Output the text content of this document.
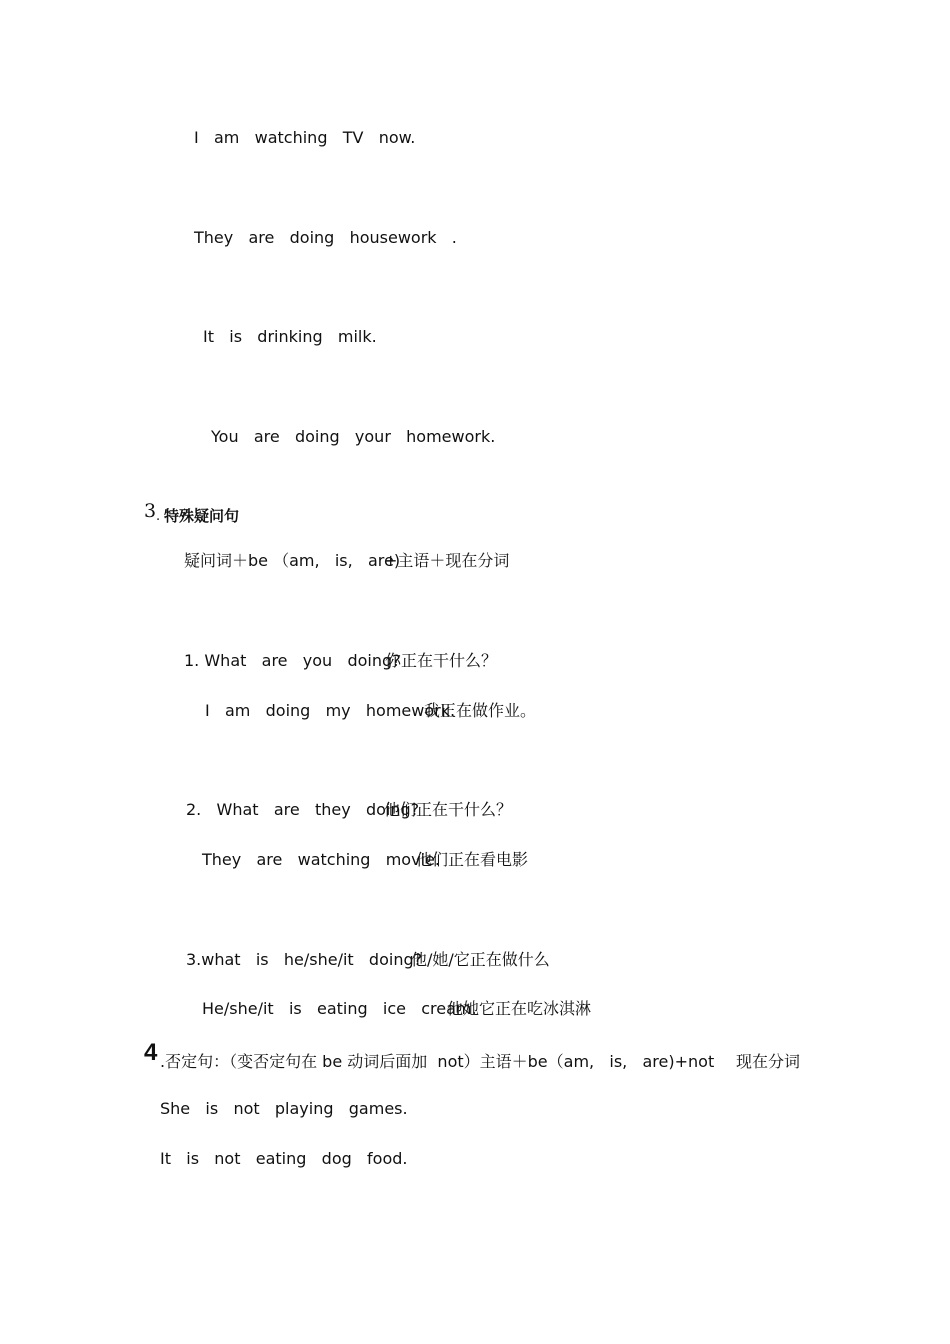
I   am   watching   TV   now.
They   are   doing   housework   .
It   is   drinking   milk.
You   are   doing   your   homework.
3 . 特殊疑问句
疑问词＋be （am,   is,   are)
+主语＋现在分词
1. What   are   you   doing?
你正在干什么？
I   am   doing   my   homework.
我正在做作业。
2.   What   are   they   doing?
他们正在干什么？
They   are   watching   movie.
他们正在看电影
3.what   is   he/she/it   doing?
他/她/它正在做什么
He/she/it   is   eating   ice   cream.
他她它正在吃冰淇淋
4 .否定句：（变否定句在 be 动词后面加  not）主语＋be（am,   is,   are)+not 现在分词
She   is   not   playing   games.
It   is   not   eating   dog   food.
